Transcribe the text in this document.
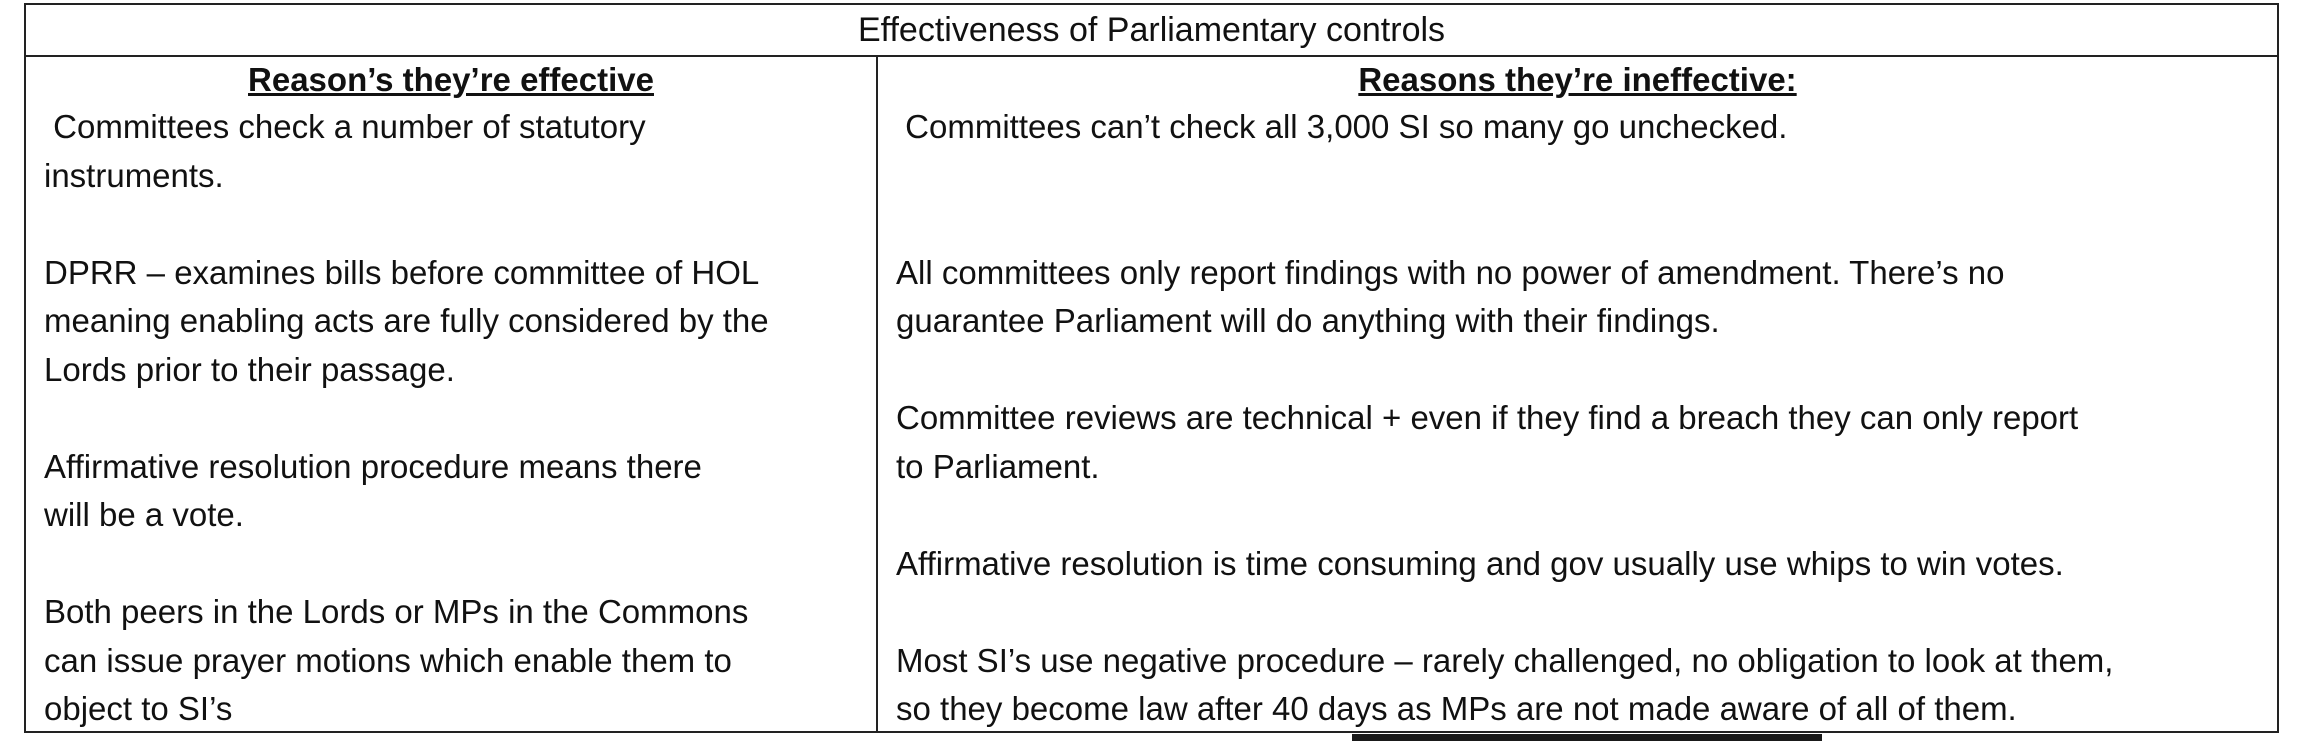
Effectiveness of Parliamentary controls
Reason’s they’re effective

Committees check a number of statutory
instruments.

DPRR – examines bills before committee of HOL
meaning enabling acts are fully considered by the
Lords prior to their passage.

Affirmative resolution procedure means there
will be a vote.

Both peers in the Lords or MPs in the Commons
can issue prayer motions which enable them to
object to SI’s

Reasons they’re ineffective:

Committees can’t check all 3,000 SI so many go unchecked.

All committees only report findings with no power of amendment. There’s no
guarantee Parliament will do anything with their findings.

Committee reviews are technical + even if they find a breach they can only report
to Parliament.

Affirmative resolution is time consuming and gov usually use whips to win votes.

Most SI’s use negative procedure – rarely challenged, no obligation to look at them,
so they become law after 40 days as MPs are not made aware of all of them.
